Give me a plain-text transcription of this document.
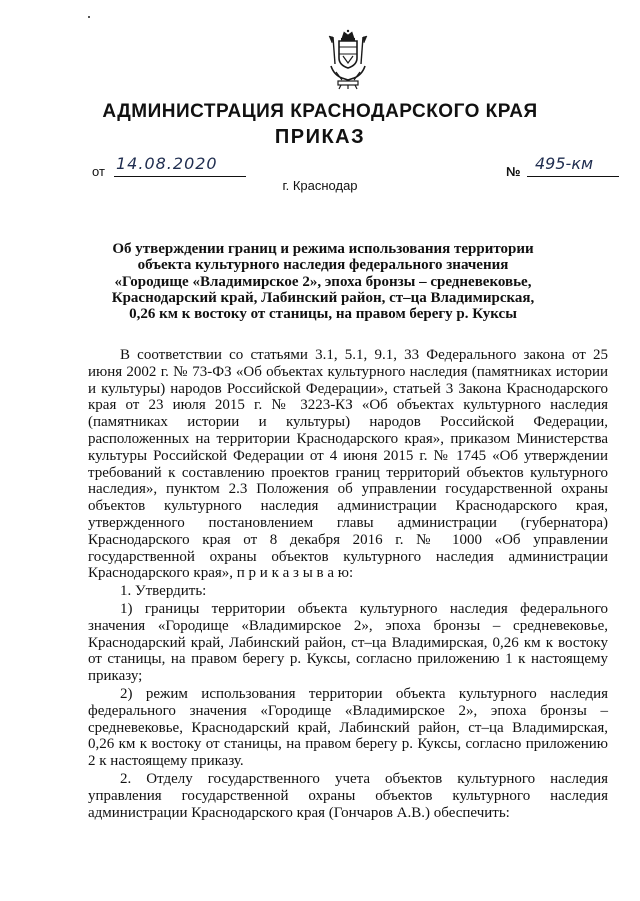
АДМИНИСТРАЦИЯ КРАСНОДАРСКОГО КРАЯ
ПРИКАЗ
от 14.08.2020	№ 495-км
г. Краснодар
Об утверждении границ и режима использования территории
объекта культурного наследия федерального значения
«Городище «Владимирское 2», эпоха бронзы – средневековье,
Краснодарский край, Лабинский район, ст–ца Владимирская,
0,26 км к востоку от станицы, на правом берегу р. Куксы

В соответствии со статьями 3.1, 5.1, 9.1, 33 Федерального закона от 25 июня 2002 г. № 73-ФЗ «Об объектах культурного наследия (памятниках истории и культуры) народов Российской Федерации», статьей 3 Закона Краснодарского края от 23 июля 2015 г. № 3223-КЗ «Об объектах культурного наследия (памятниках истории и культуры) народов Российской Федерации, расположенных на территории Краснодарского края», приказом Министерства культуры Российской Федерации от 4 июня 2015 г. № 1745 «Об утверждении требований к составлению проектов границ территорий объектов культурного наследия», пунктом 2.3 Положения об управлении государственной охраны объектов культурного наследия администрации Краснодарского края, утвержденного постановлением главы администрации (губернатора) Краснодарского края от 8 декабря 2016 г. № 1000 «Об управлении государственной охраны объектов культурного наследия администрации Краснодарского края», п р и к а з ы в а ю:

1. Утвердить:

1) границы территории объекта культурного наследия федерального значения «Городище «Владимирское 2», эпоха бронзы – средневековье, Краснодарский край, Лабинский район, ст–ца Владимирская, 0,26 км к востоку от станицы, на правом берегу р. Куксы, согласно приложению 1 к настоящему приказу;

2) режим использования территории объекта культурного наследия федерального значения «Городище «Владимирское 2», эпоха бронзы – средневековье, Краснодарский край, Лабинский район, ст–ца Владимирская, 0,26 км к востоку от станицы, на правом берегу р. Куксы, согласно приложению 2 к настоящему приказу.

2. Отделу государственного учета объектов культурного наследия управления государственной охраны объектов культурного наследия администрации Краснодарского края (Гончаров А.В.) обеспечить:
